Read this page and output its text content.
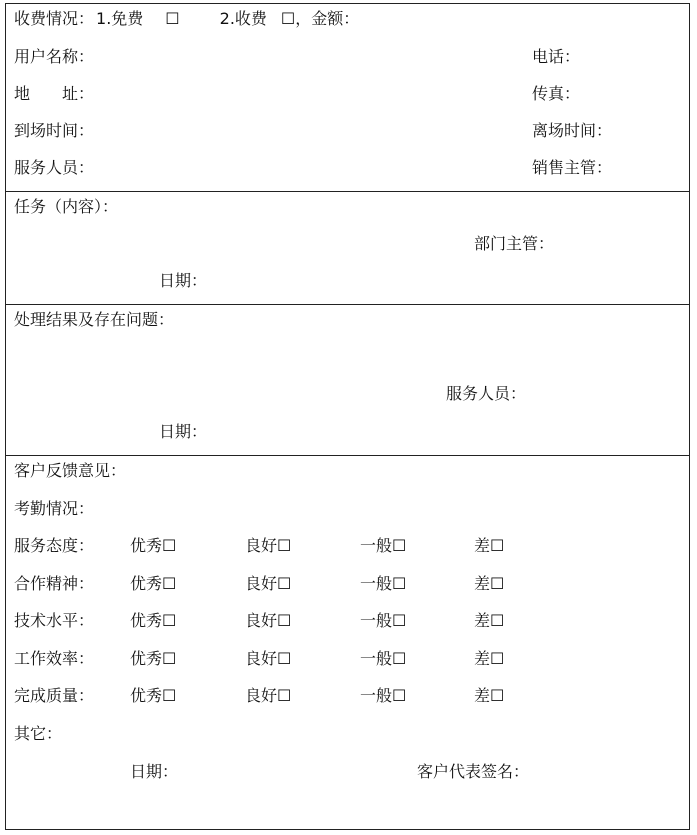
收费情况： 1.免费 ☐	2.收费 ☐，金额：
用户名称：	电话：
地　　址：	传真：
到场时间：	离场时间：
服务人员：	销售主管：
任务（内容）：
部门主管：
日期：
处理结果及存在问题：
服务人员：
日期：
客户反馈意见：
考勤情况：
服务态度： 优秀☐	良好☐	一般☐	差☐
合作精神： 优秀☐	良好☐	一般☐	差☐
技术水平： 优秀☐	良好☐	一般☐	差☐
工作效率： 优秀☐	良好☐	一般☐	差☐
完成质量： 优秀☐	良好☐	一般☐	差☐
其它：
日期：	客户代表签名：
